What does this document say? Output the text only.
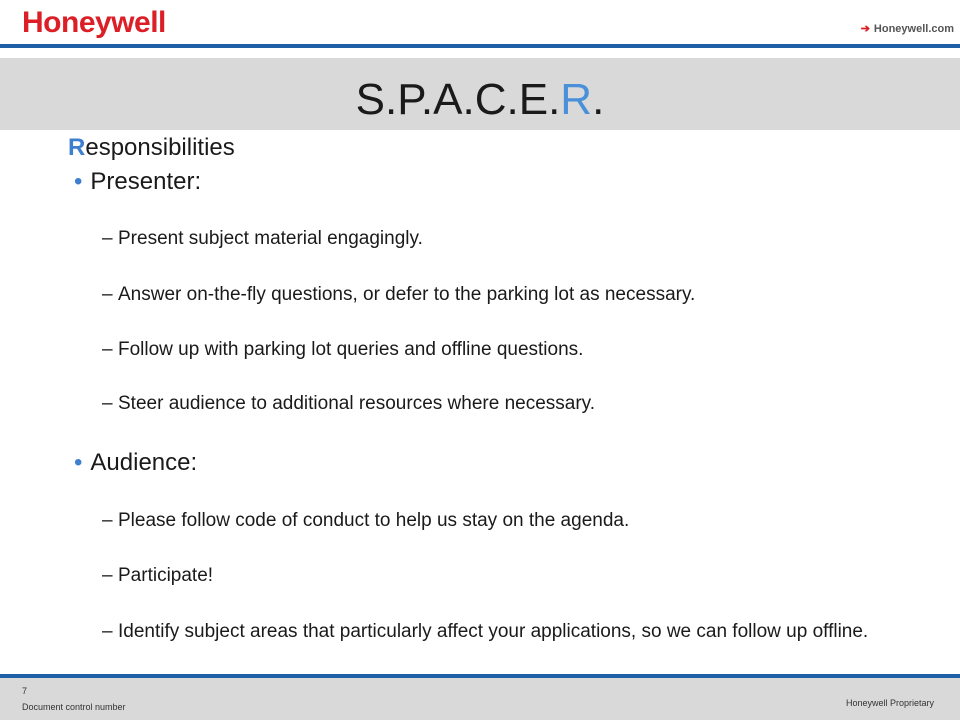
Honeywell	➔ Honeywell.com
S.P.A.C.E.R.
Responsibilities
• Presenter:
– Present subject material engagingly.
– Answer on-the-fly questions, or defer to the parking lot as necessary.
– Follow up with parking lot queries and offline questions.
– Steer audience to additional resources where necessary.
• Audience:
– Please follow code of conduct to help us stay on the agenda.
– Participate!
– Identify subject areas that particularly affect your applications, so we can follow up offline.
7
Document control number	Honeywell Proprietary
